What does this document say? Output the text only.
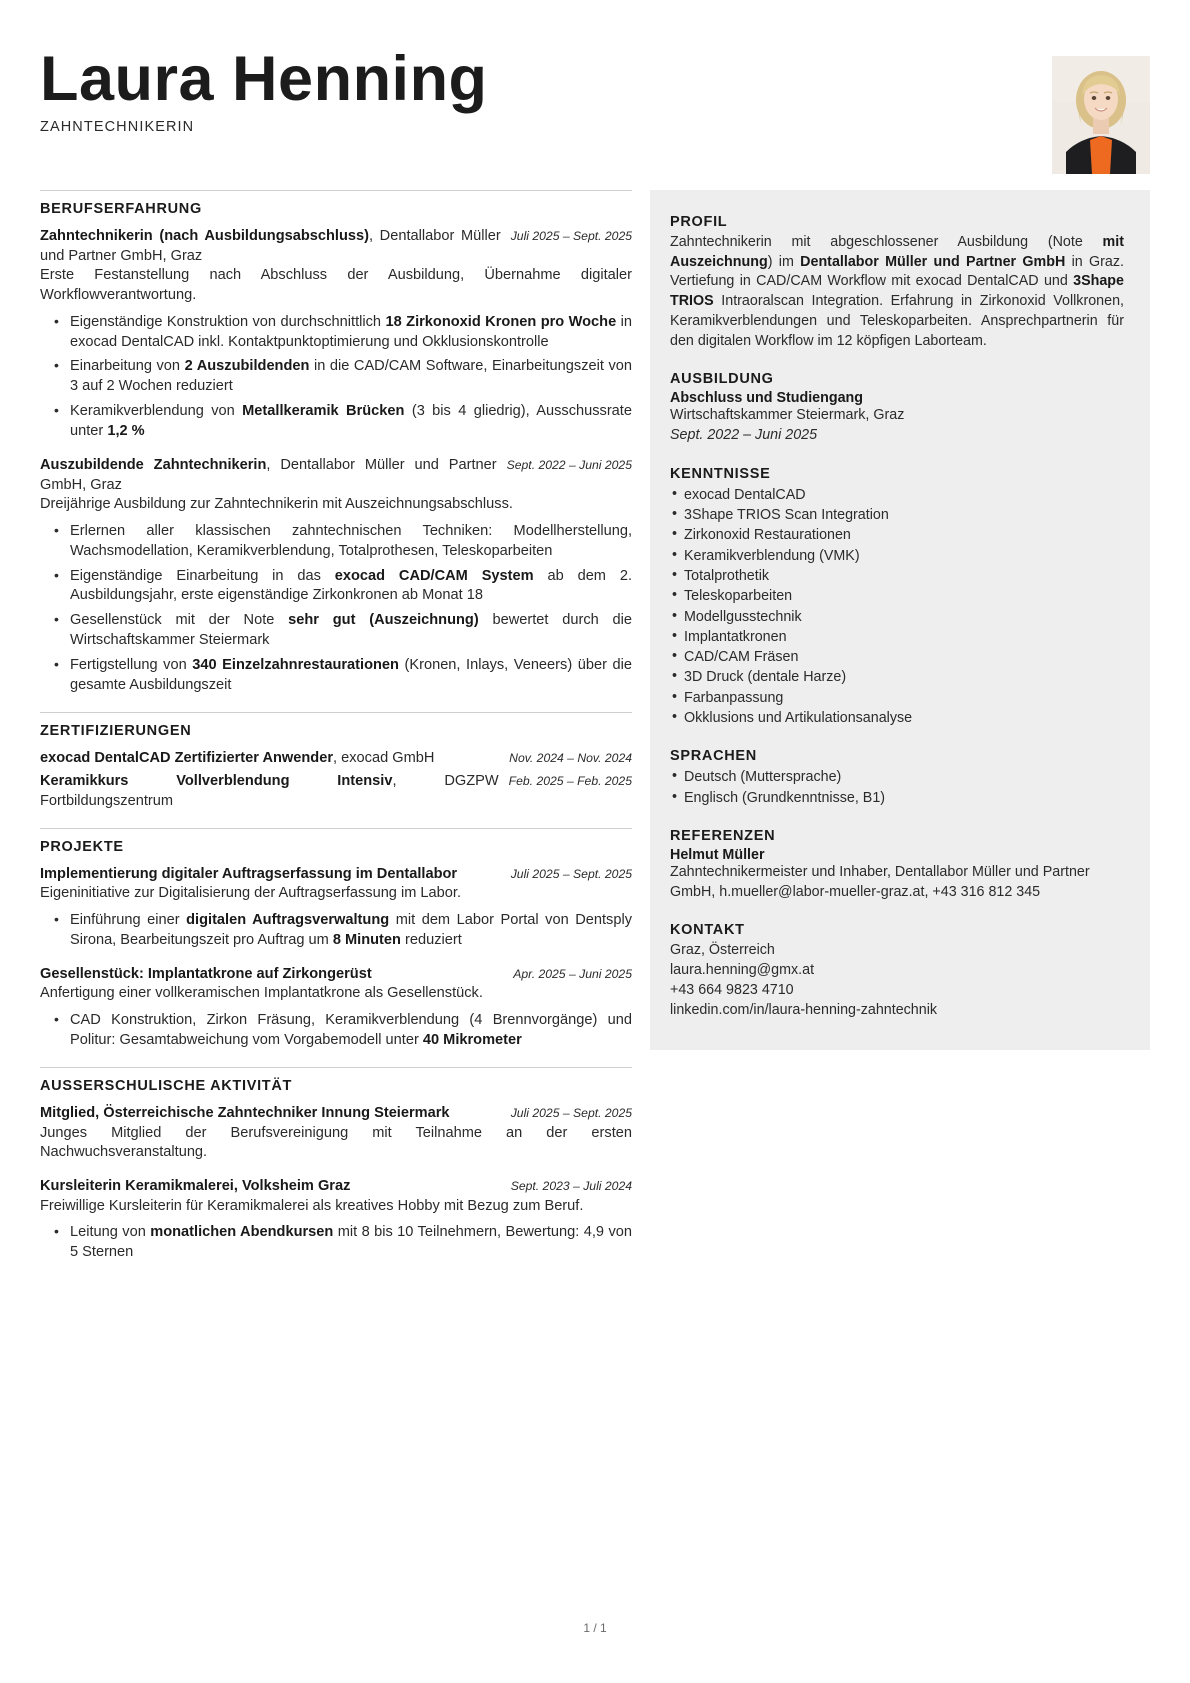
Laura Henning
ZAHNTECHNIKERIN
BERUFSERFAHRUNG
Zahntechnikerin (nach Ausbildungsabschluss), Dentallabor Müller und Partner GmbH, Graz
Juli 2025 – Sept. 2025
Erste Festanstellung nach Abschluss der Ausbildung, Übernahme digitaler Workflowverantwortung.
• Eigenständige Konstruktion von durchschnittlich 18 Zirkonoxid Kronen pro Woche in exocad DentalCAD inkl. Kontaktpunktoptimierung und Okklusionskontrolle
• Einarbeitung von 2 Auszubildenden in die CAD/CAM Software, Einarbeitungszeit von 3 auf 2 Wochen reduziert
• Keramikverblendung von Metallkeramik Brücken (3 bis 4 gliedrig), Ausschussrate unter 1,2 %
Auszubildende Zahntechnikerin, Dentallabor Müller und Partner GmbH, Graz
Sept. 2022 – Juni 2025
Dreijährige Ausbildung zur Zahntechnikerin mit Auszeichnungsabschluss.
• Erlernen aller klassischen zahntechnischen Techniken: Modellherstellung, Wachsmodellation, Keramikverblendung, Totalprothesen, Teleskoparbeiten
• Eigenständige Einarbeitung in das exocad CAD/CAM System ab dem 2. Ausbildungsjahr, erste eigenständige Zirkonkronen ab Monat 18
• Gesellenstück mit der Note sehr gut (Auszeichnung) bewertet durch die Wirtschaftskammer Steiermark
• Fertigstellung von 340 Einzelzahnrestaurationen (Kronen, Inlays, Veneers) über die gesamte Ausbildungszeit
ZERTIFIZIERUNGEN
exocad DentalCAD Zertifizierter Anwender, exocad GmbH	Nov. 2024 – Nov. 2024
Keramikkurs Vollverblendung Intensiv, DGZPW Fortbildungszentrum
Feb. 2025 – Feb. 2025
PROJEKTE
Implementierung digitaler Auftragserfassung im Dentallabor	Juli 2025 – Sept. 2025
Eigeninitiative zur Digitalisierung der Auftragserfassung im Labor.
• Einführung einer digitalen Auftragsverwaltung mit dem Labor Portal von Dentsply Sirona, Bearbeitungszeit pro Auftrag um 8 Minuten reduziert
Gesellenstück: Implantatkrone auf Zirkongerüst	Apr. 2025 – Juni 2025
Anfertigung einer vollkeramischen Implantatkrone als Gesellenstück.
• CAD Konstruktion, Zirkon Fräsung, Keramikverblendung (4 Brennvorgänge) und Politur: Gesamtabweichung vom Vorgabemodell unter 40 Mikrometer
AUSSERSCHULISCHE AKTIVITÄT
Mitglied, Österreichische Zahntechniker Innung Steiermark	Juli 2025 – Sept. 2025
Junges Mitglied der Berufsvereinigung mit Teilnahme an der ersten Nachwuchsveranstaltung.
Kursleiterin Keramikmalerei, Volksheim Graz	Sept. 2023 – Juli 2024
Freiwillige Kursleiterin für Keramikmalerei als kreatives Hobby mit Bezug zum Beruf.
• Leitung von monatlichen Abendkursen mit 8 bis 10 Teilnehmern, Bewertung: 4,9 von 5 Sternen
PROFIL
Zahntechnikerin mit abgeschlossener Ausbildung (Note mit Auszeichnung) im Dentallabor Müller und Partner GmbH in Graz. Vertiefung in CAD/CAM Workflow mit exocad DentalCAD und 3Shape TRIOS Intraoralscan Integration. Erfahrung in Zirkonoxid Vollkronen, Keramikverblendungen und Teleskoparbeiten. Ansprechpartnerin für den digitalen Workflow im 12 köpfigen Laborteam.
AUSBILDUNG
Abschluss und Studiengang
Wirtschaftskammer Steiermark, Graz
Sept. 2022 – Juni 2025
KENNTNISSE
• exocad DentalCAD
• 3Shape TRIOS Scan Integration
• Zirkonoxid Restaurationen
• Keramikverblendung (VMK)
• Totalprothetik
• Teleskoparbeiten
• Modellgusstechnik
• Implantatkronen
• CAD/CAM Fräsen
• 3D Druck (dentale Harze)
• Farbanpassung
• Okklusions und Artikulationsanalyse
SPRACHEN
• Deutsch (Muttersprache)
• Englisch (Grundkenntnisse, B1)
REFERENZEN
Helmut Müller
Zahntechnikermeister und Inhaber, Dentallabor Müller und Partner GmbH, h.mueller@labor-mueller-graz.at, +43 316 812 345
KONTAKT
Graz, Österreich
laura.henning@gmx.at
+43 664 9823 4710
linkedin.com/in/laura-henning-zahntechnik
1 / 1
